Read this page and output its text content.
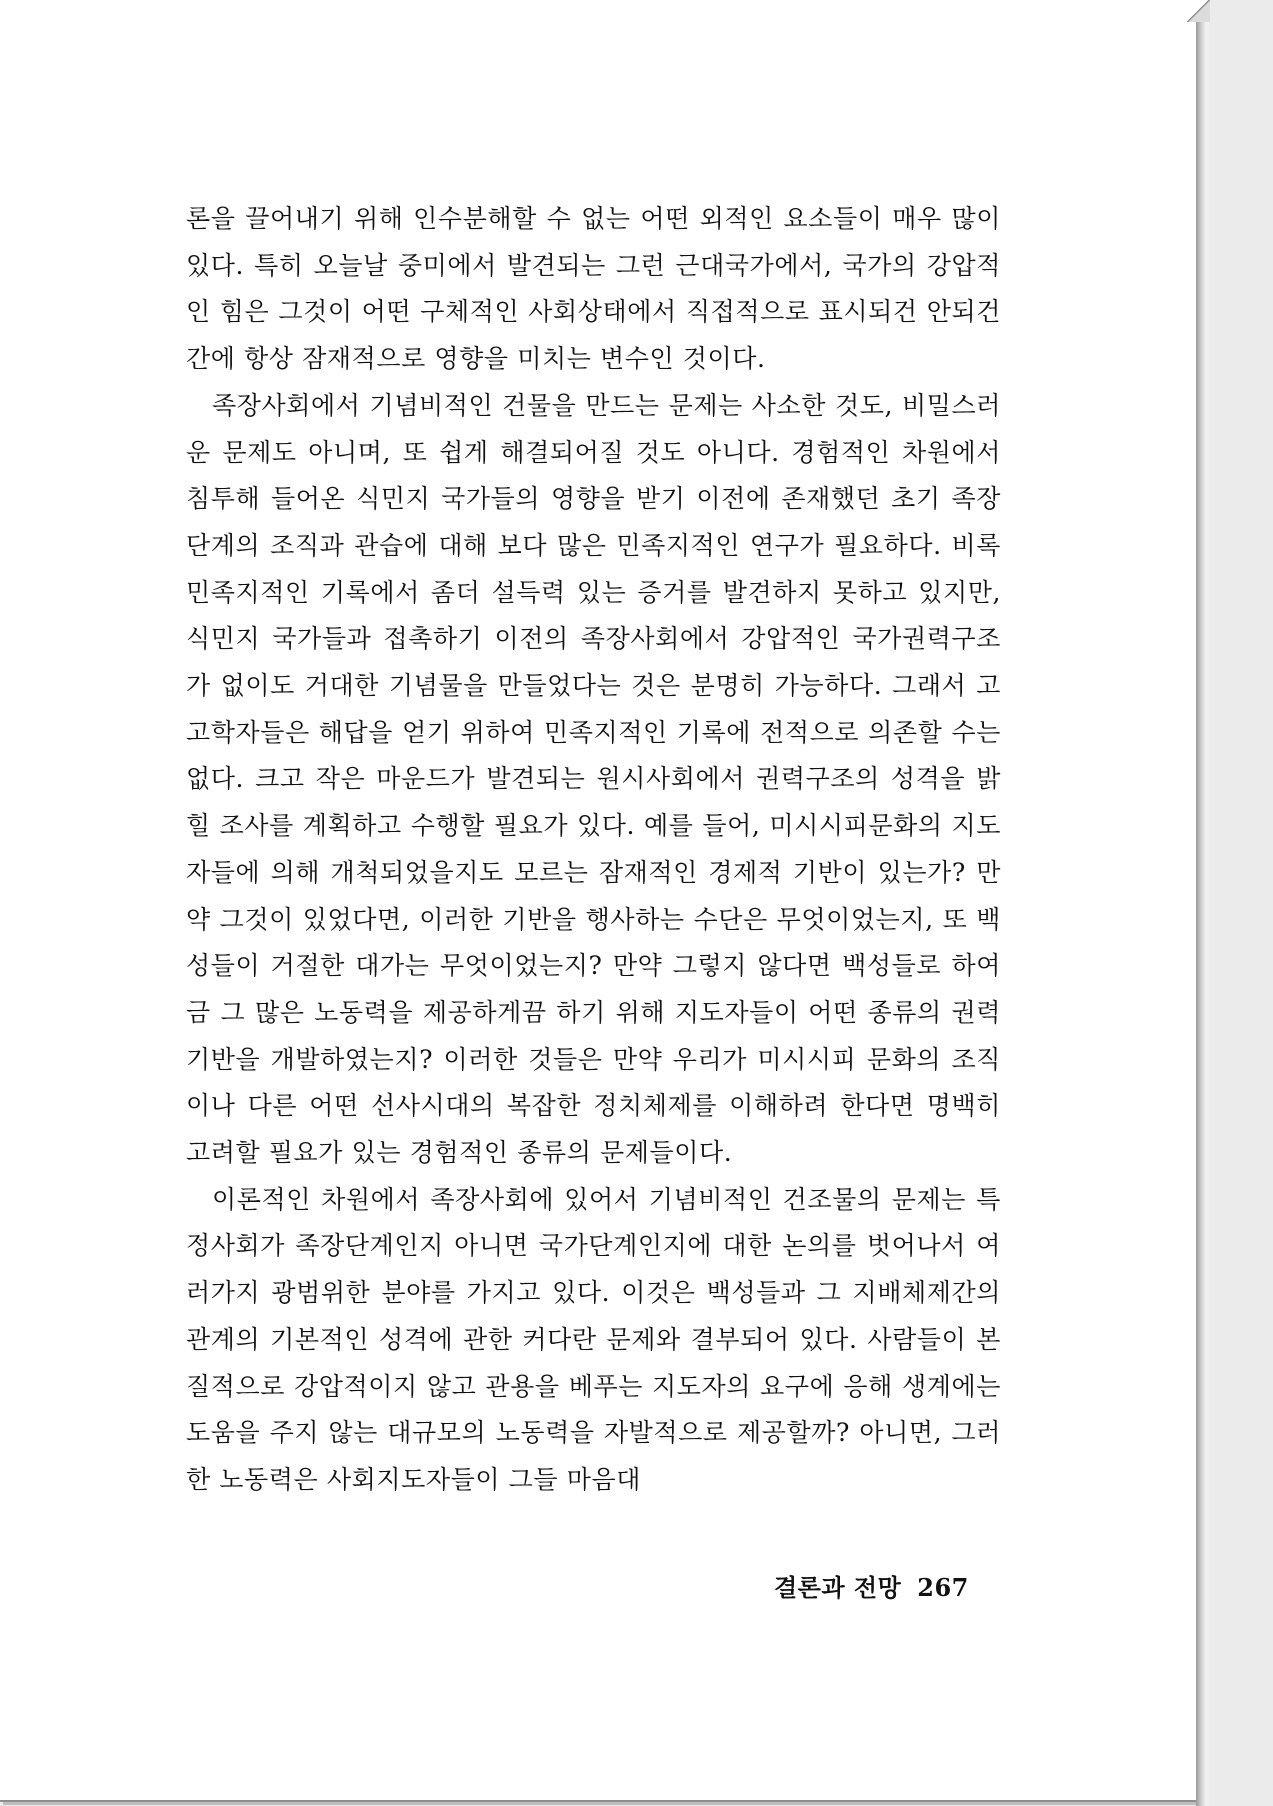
론을 끌어내기 위해 인수분해할 수 없는 어떤 외적인 요소들이 매우 많이 있다. 특히 오늘날 중미에서 발견되는 그런 근대국가에서, 국가의 강압적인 힘은 그것이 어떤 구체적인 사회상태에서 직접적으로 표시되건 안되건간에 항상 잠재적으로 영향을 미치는 변수인 것이다.

족장사회에서 기념비적인 건물을 만드는 문제는 사소한 것도, 비밀스러운 문제도 아니며, 또 쉽게 해결되어질 것도 아니다. 경험적인 차원에서 침투해 들어온 식민지 국가들의 영향을 받기 이전에 존재했던 초기 족장단계의 조직과 관습에 대해 보다 많은 민족지적인 연구가 필요하다. 비록 민족지적인 기록에서 좀더 설득력 있는 증거를 발견하지 못하고 있지만, 식민지 국가들과 접촉하기 이전의 족장사회에서 강압적인 국가권력구조가 없이도 거대한 기념물을 만들었다는 것은 분명히 가능하다. 그래서 고고학자들은 해답을 얻기 위하여 민족지적인 기록에 전적으로 의존할 수는 없다. 크고 작은 마운드가 발견되는 원시사회에서 권력구조의 성격을 밝힐 조사를 계획하고 수행할 필요가 있다. 예를 들어, 미시시피문화의 지도자들에 의해 개척되었을지도 모르는 잠재적인 경제적 기반이 있는가? 만약 그것이 있었다면, 이러한 기반을 행사하는 수단은 무엇이었는지, 또 백성들이 거절한 대가는 무엇이었는지? 만약 그렇지 않다면 백성들로 하여금 그 많은 노동력을 제공하게끔 하기 위해 지도자들이 어떤 종류의 권력기반을 개발하였는지? 이러한 것들은 만약 우리가 미시시피 문화의 조직이나 다른 어떤 선사시대의 복잡한 정치체제를 이해하려 한다면 명백히 고려할 필요가 있는 경험적인 종류의 문제들이다.

이론적인 차원에서 족장사회에 있어서 기념비적인 건조물의 문제는 특정사회가 족장단계인지 아니면 국가단계인지에 대한 논의를 벗어나서 여러가지 광범위한 분야를 가지고 있다. 이것은 백성들과 그 지배체제간의 관계의 기본적인 성격에 관한 커다란 문제와 결부되어 있다. 사람들이 본질적으로 강압적이지 않고 관용을 베푸는 지도자의 요구에 응해 생계에는 도움을 주지 않는 대규모의 노동력을 자발적으로 제공할까? 아니면, 그러한 노동력은 사회지도자들이 그들 마음대

결론과 전망 267
